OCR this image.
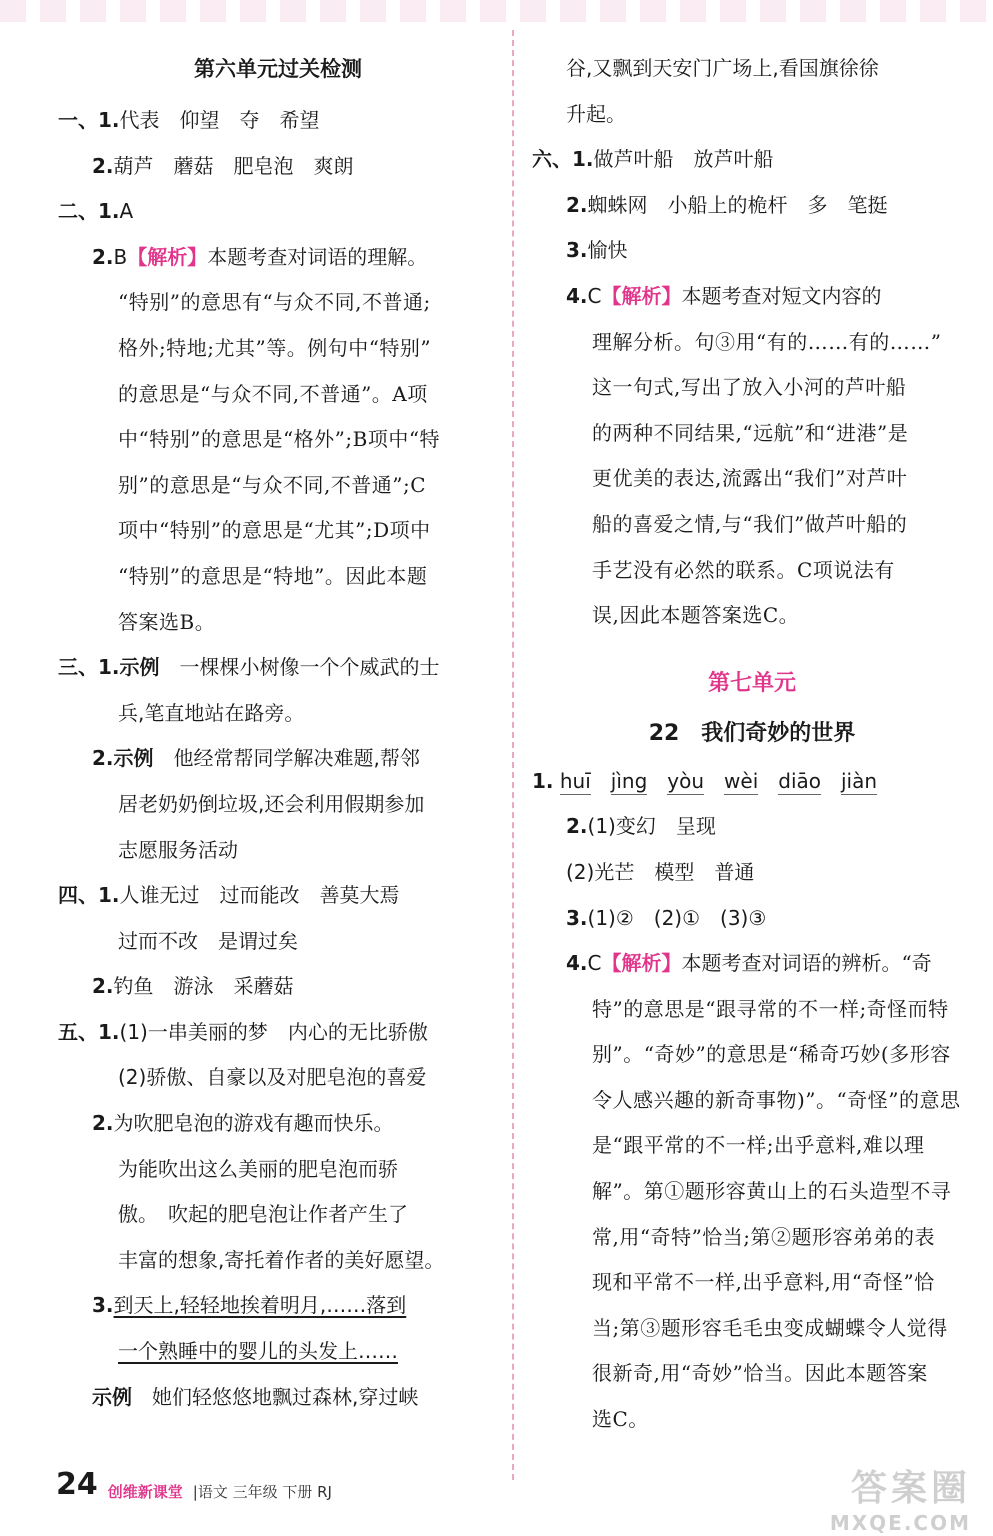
第六单元过关检测
一、1.代表　仰望　夺　希望
2.葫芦　蘑菇　肥皂泡　爽朗
二、1.A
2.B【解析】本题考查对词语的理解。
“特别”的意思有“与众不同,不普通;
格外;特地;尤其”等。例句中“特别”
的意思是“与众不同,不普通”。A项
中“特别”的意思是“格外”;B项中“特
别”的意思是“与众不同,不普通”;C
项中“特别”的意思是“尤其”;D项中
“特别”的意思是“特地”。因此本题
答案选B。
三、1.示例　一棵棵小树像一个个威武的士
兵,笔直地站在路旁。
2.示例　他经常帮同学解决难题,帮邻
居老奶奶倒垃圾,还会利用假期参加
志愿服务活动
四、1.人谁无过　过而能改　善莫大焉
过而不改　是谓过矣
2.钓鱼　游泳　采蘑菇
五、1.(1)一串美丽的梦　内心的无比骄傲
(2)骄傲、自豪以及对肥皂泡的喜爱
2.为吹肥皂泡的游戏有趣而快乐。
为能吹出这么美丽的肥皂泡而骄
傲。　吹起的肥皂泡让作者产生了
丰富的想象,寄托着作者的美好愿望。
3.到天上,轻轻地挨着明月,……落到
一个熟睡中的婴儿的头发上……
示例　她们轻悠悠地飘过森林,穿过峡
谷,又飘到天安门广场上,看国旗徐徐
升起。
六、1.做芦叶船　放芦叶船
2.蜘蛛网　小船上的桅杆　多　笔挺
3.愉快
4.C【解析】本题考查对短文内容的
理解分析。句③用“有的……有的……”
这一句式,写出了放入小河的芦叶船
的两种不同结果,“远航”和“进港”是
更优美的表达,流露出“我们”对芦叶
船的喜爱之情,与“我们”做芦叶船的
手艺没有必然的联系。C项说法有
误,因此本题答案选C。
第七单元
22　我们奇妙的世界
1. huī jìng yòu wèi diāo jiàn
2.(1)变幻　呈现
(2)光芒　模型　普通
3.(1)②　(2)①　(3)③
4.C【解析】本题考查对词语的辨析。“奇
特”的意思是“跟寻常的不一样;奇怪而特
别”。“奇妙”的意思是“稀奇巧妙(多形容
令人感兴趣的新奇事物)”。“奇怪”的意思
是“跟平常的不一样;出乎意料,难以理
解”。第①题形容黄山上的石头造型不寻
常,用“奇特”恰当;第②题形容弟弟的表
现和平常不一样,出乎意料,用“奇怪”恰
当;第③题形容毛毛虫变成蝴蝶令人觉得
很新奇,用“奇妙”恰当。因此本题答案
选C。
24 创维新课堂 |语文 三年级 下册 RJ	答案圈
MXQE.COM
